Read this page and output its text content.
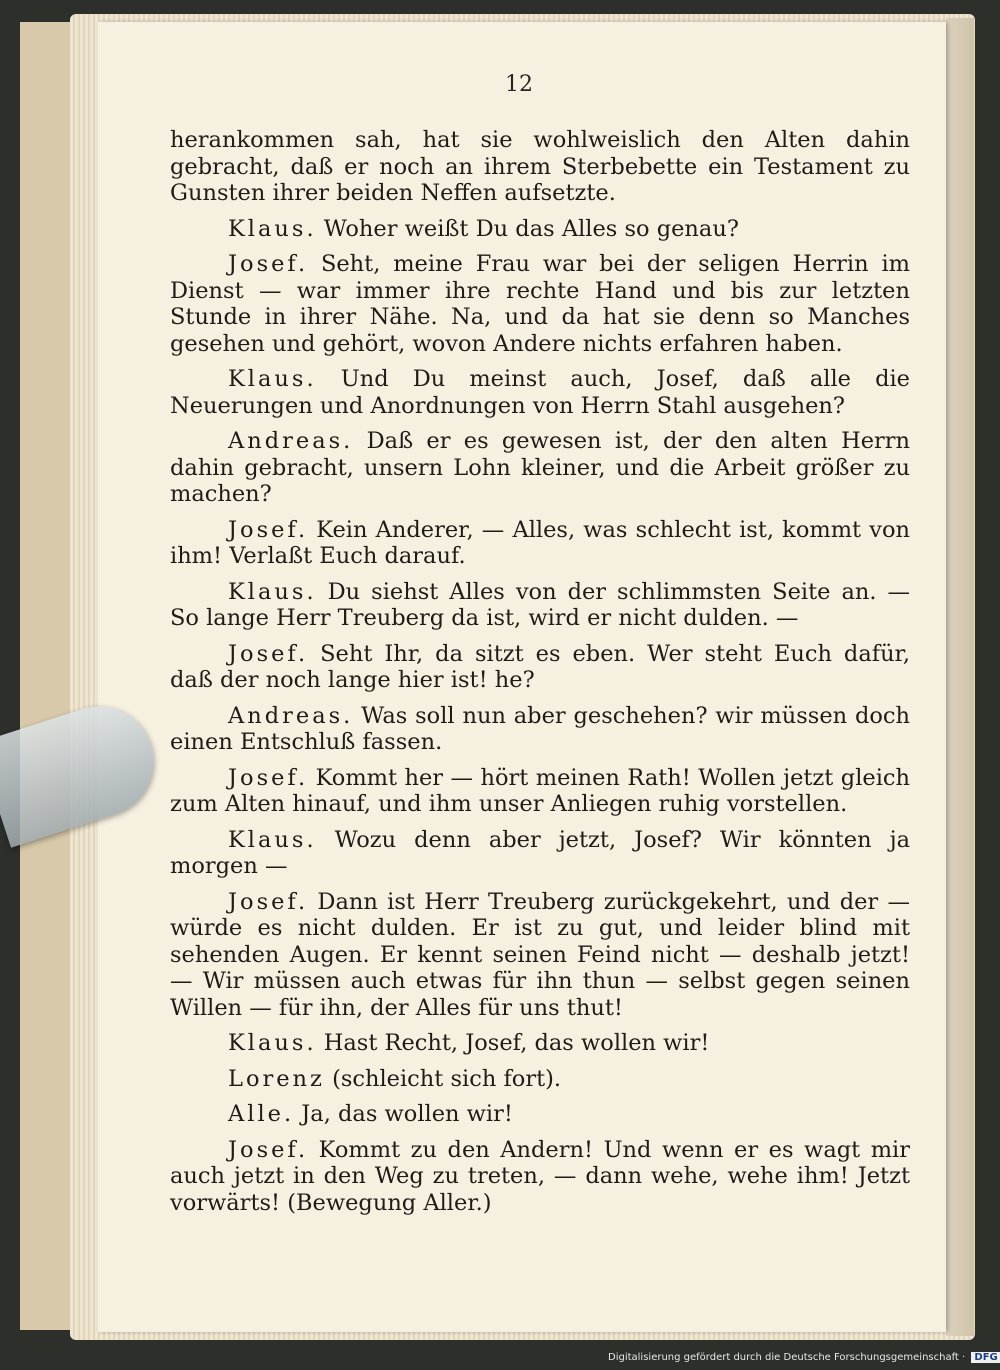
12

herankommen sah, hat sie wohlweislich den Alten dahin gebracht, daß er noch an ihrem Sterbebette ein Testament zu Gunsten ihrer beiden Neffen aufsetzte.

Klaus. Woher weißt Du das Alles so genau?

Josef. Seht, meine Frau war bei der seligen Herrin im Dienst — war immer ihre rechte Hand und bis zur letzten Stunde in ihrer Nähe. Na, und da hat sie denn so Manches gesehen und gehört, wovon Andere nichts erfahren haben.

Klaus. Und Du meinst auch, Josef, daß alle die Neuerungen und Anordnungen von Herrn Stahl ausgehen?

Andreas. Daß er es gewesen ist, der den alten Herrn dahin gebracht, unsern Lohn kleiner, und die Arbeit größer zu machen?

Josef. Kein Anderer, — Alles, was schlecht ist, kommt von ihm! Verlaßt Euch darauf.

Klaus. Du siehst Alles von der schlimmsten Seite an. — So lange Herr Treuberg da ist, wird er nicht dulden. —

Josef. Seht Ihr, da sitzt es eben. Wer steht Euch dafür, daß der noch lange hier ist! he?

Andreas. Was soll nun aber geschehen? wir müssen doch einen Entschluß fassen.

Josef. Kommt her — hört meinen Rath! Wollen jetzt gleich zum Alten hinauf, und ihm unser Anliegen ruhig vorstellen.

Klaus. Wozu denn aber jetzt, Josef? Wir könnten ja morgen —

Josef. Dann ist Herr Treuberg zurückgekehrt, und der — würde es nicht dulden. Er ist zu gut, und leider blind mit sehenden Augen. Er kennt seinen Feind nicht — deshalb jetzt! — Wir müssen auch etwas für ihn thun — selbst gegen seinen Willen — für ihn, der Alles für uns thut!

Klaus. Hast Recht, Josef, das wollen wir!

Lorenz (schleicht sich fort).

Alle. Ja, das wollen wir!

Josef. Kommt zu den Andern! Und wenn er es wagt mir auch jetzt in den Weg zu treten, — dann wehe, wehe ihm! Jetzt vorwärts! (Bewegung Aller.)

Digitalisierung gefördert durch die Deutsche Forschungsgemeinschaft · DFG
